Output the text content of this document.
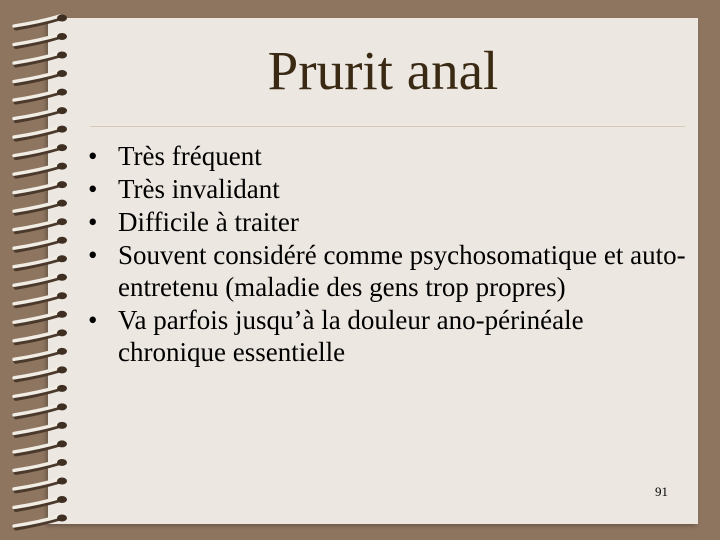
Prurit anal
• Très fréquent
• Très invalidant
• Difficile à traiter
• Souvent considéré comme psychosomatique et auto-entretenu (maladie des gens trop propres)
• Va parfois jusqu’à la douleur ano-périnéale chronique essentielle
91
